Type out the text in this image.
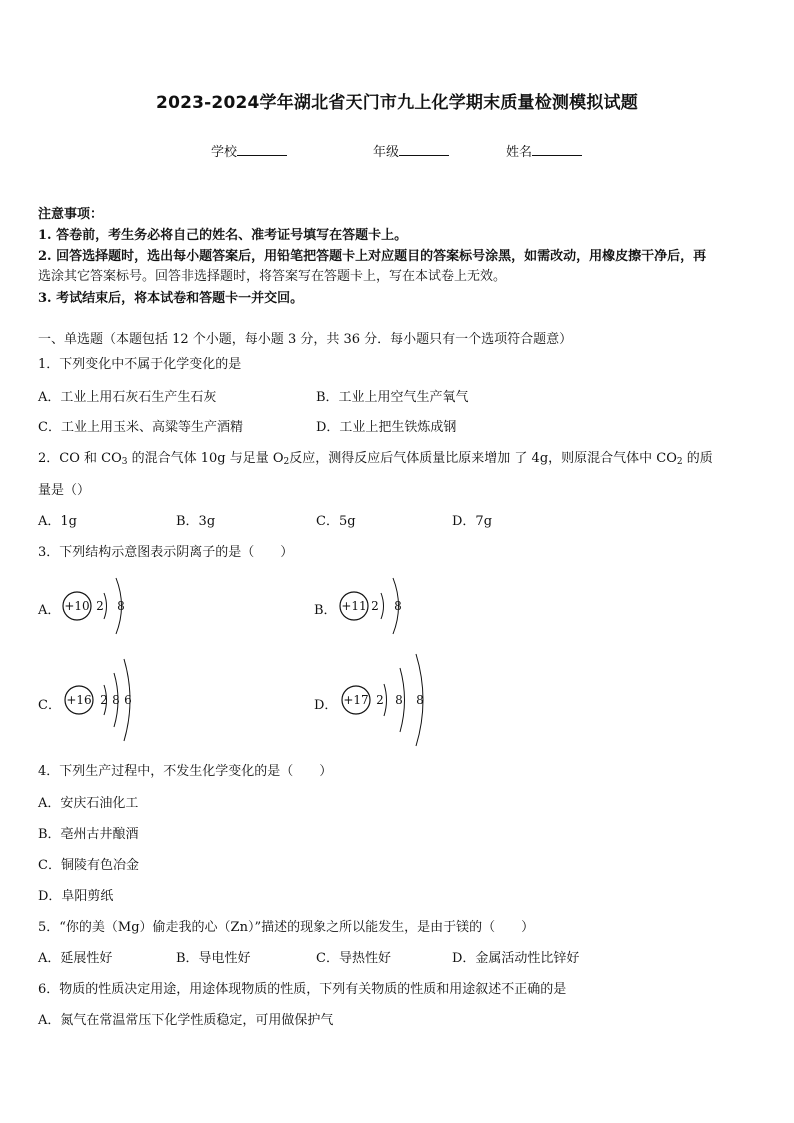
2023-2024学年湖北省天门市九上化学期末质量检测模拟试题
学校	年级	姓名
注意事项：
1. 答卷前，考生务必将自己的姓名、准考证号填写在答题卡上。
2. 回答选择题时，选出每小题答案后，用铅笔把答题卡上对应题目的答案标号涂黑，如需改动，用橡皮擦干净后，再
选涂其它答案标号。回答非选择题时，将答案写在答题卡上，写在本试卷上无效。
3. 考试结束后，将本试卷和答题卡一并交回。
一、单选题（本题包括 12 个小题，每小题 3 分，共 36 分．每小题只有一个选项符合题意）
1．下列变化中不属于化学变化的是
A．工业上用石灰石生产生石灰	B．工业上用空气生产氧气
C．工业上用玉米、高粱等生产酒精	D．工业上把生铁炼成钢
2．CO 和 $CO_3$ 的混合气体 10g 与足量 $O_2$反应，测得反应后气体质量比原来增加 了 4g，则原混合气体中 $CO_2$ 的质
量是（）
A．1g	B．3g	C．5g	D．7g
3．下列结构示意图表示阴离子的是（　　）
A． +10 2 8	B． +11 2 8
C． +16 2 8 6	D． +17 2 8 8
4．下列生产过程中，不发生化学变化的是（　　）
A．安庆石油化工
B．亳州古井酿酒
C．铜陵有色冶金
D．阜阳剪纸
5．“你的美（Mg）偷走我的心（Zn）”描述的现象之所以能发生，是由于镁的（　　）
A．延展性好	B．导电性好	C．导热性好	D．金属活动性比锌好
6．物质的性质决定用途，用途体现物质的性质，下列有关物质的性质和用途叙述不正确的是
A．氮气在常温常压下化学性质稳定，可用做保护气
